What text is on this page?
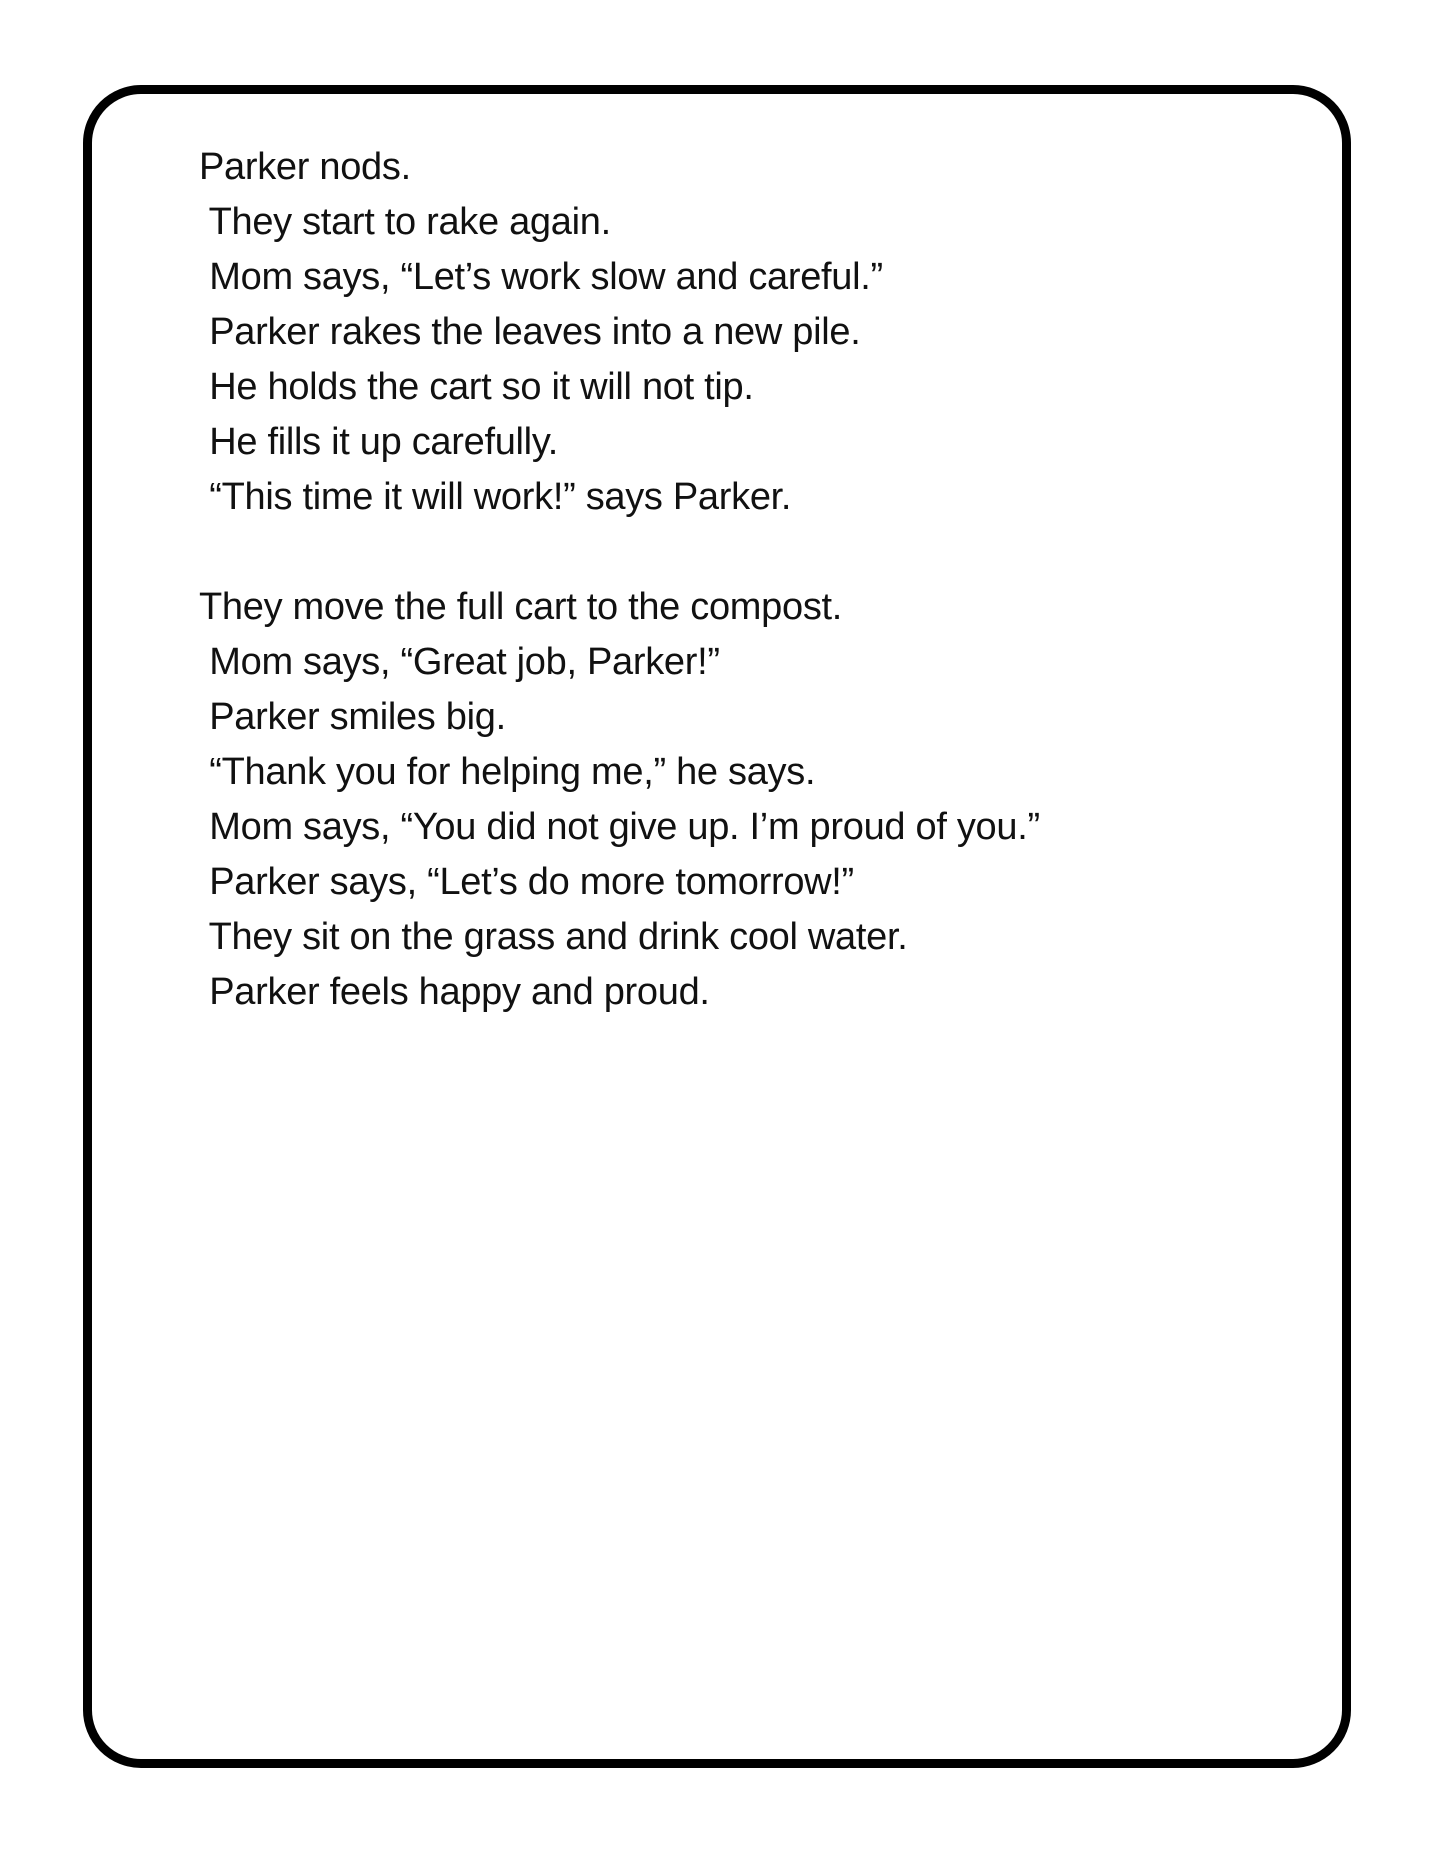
Parker nods.
They start to rake again.
Mom says, “Let’s work slow and careful.”
Parker rakes the leaves into a new pile.
He holds the cart so it will not tip.
He fills it up carefully.
“This time it will work!” says Parker.
They move the full cart to the compost.
Mom says, “Great job, Parker!”
Parker smiles big.
“Thank you for helping me,” he says.
Mom says, “You did not give up. I’m proud of you.”
Parker says, “Let’s do more tomorrow!”
They sit on the grass and drink cool water.
Parker feels happy and proud.
